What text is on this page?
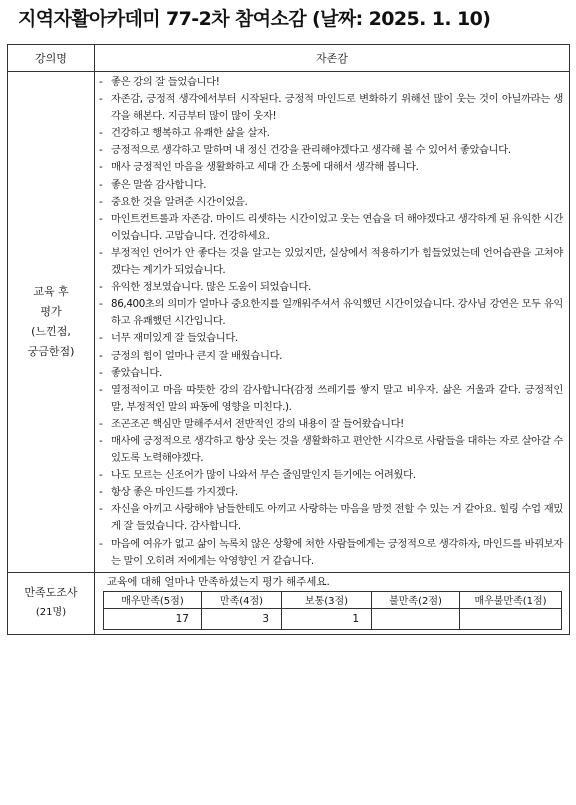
지역자활아카데미 77-2차 참여소감 (날짜: 2025. 1. 10)
강의명	자존감

교육 후
평가
(느낀점,
궁금한점)

- 좋은 강의 잘 들었습니다!
- 자존감, 긍정적 생각에서부터 시작된다. 긍정적 마인드로 변화하기 위해선 많이 웃는 것이 아닐까라는 생각을 해본다. 지금부터 많이 많이 웃자!
- 건강하고 행복하고 유쾌한 삶을 살자.
- 긍정적으로 생각하고 말하며 내 정신 건강을 관리해야겠다고 생각해 볼 수 있어서 좋았습니다.
- 매사 긍정적인 마음을 생활화하고 세대 간 소통에 대해서 생각해 봅니다.
- 좋은 말씀 감사합니다.
- 중요한 것을 알려준 시간이었음.
- 마인트컨트롤과 자존감. 마이드 리셋하는 시간이었고 웃는 연습을 더 해야겠다고 생각하게 된 유익한 시간이었습니다. 고맙습니다. 건강하세요.
- 부정적인 언어가 안 좋다는 것을 알고는 있었지만, 실상에서 적용하기가 힘들었었는데 언어습관을 고쳐야겠다는 계기가 되었습니다.
- 유익한 정보였습니다. 많은 도움이 되었습니다.
- 86,400초의 의미가 얼마나 중요한지를 일깨워주셔서 유익했던 시간이었습니다. 강사님 강연은 모두 유익하고 유쾌했던 시간입니다.
- 너무 재미있게 잘 들었습니다.
- 긍정의 힘이 얼마나 큰지 잘 배웠습니다.
- 좋았습니다.
- 열정적이고 마음 따뜻한 강의 감사합니다(감정 쓰레기를 쌓지 말고 비우자. 삶은 거울과 같다. 긍정적인 말, 부정적인 말의 파동에 영향을 미친다.).
- 조곤조곤 핵심만 말해주셔서 전반적인 강의 내용이 잘 들어왔습니다!
- 매사에 긍정적으로 생각하고 항상 웃는 것을 생활화하고 편안한 시각으로 사람들을 대하는 자로 살아갈 수 있도록 노력해야겠다.
- 나도 모르는 신조어가 많이 나와서 무슨 줄임말인지 듣기에는 어려웠다.
- 항상 좋은 마인드를 가지겠다.
- 자신을 아끼고 사랑해야 남들한테도 아끼고 사랑하는 마음을 맘껏 전할 수 있는 거 같아요. 힐링 수업 재밌게 잘 들었습니다. 감사합니다.
- 마음에 여유가 없고 삶이 녹록치 않은 상황에 처한 사람들에게는 긍정적으로 생각하자, 마인드를 바꿔보자는 말이 오히려 저에게는 악영향인 거 같습니다.

만족도조사
(21명)

교육에 대해 얼마나 만족하셨는지 평가 해주세요.
매우만족(5점)	만족(4점)	보통(3점)	불만족(2점)	매우불만족(1점)
17	3	1		
